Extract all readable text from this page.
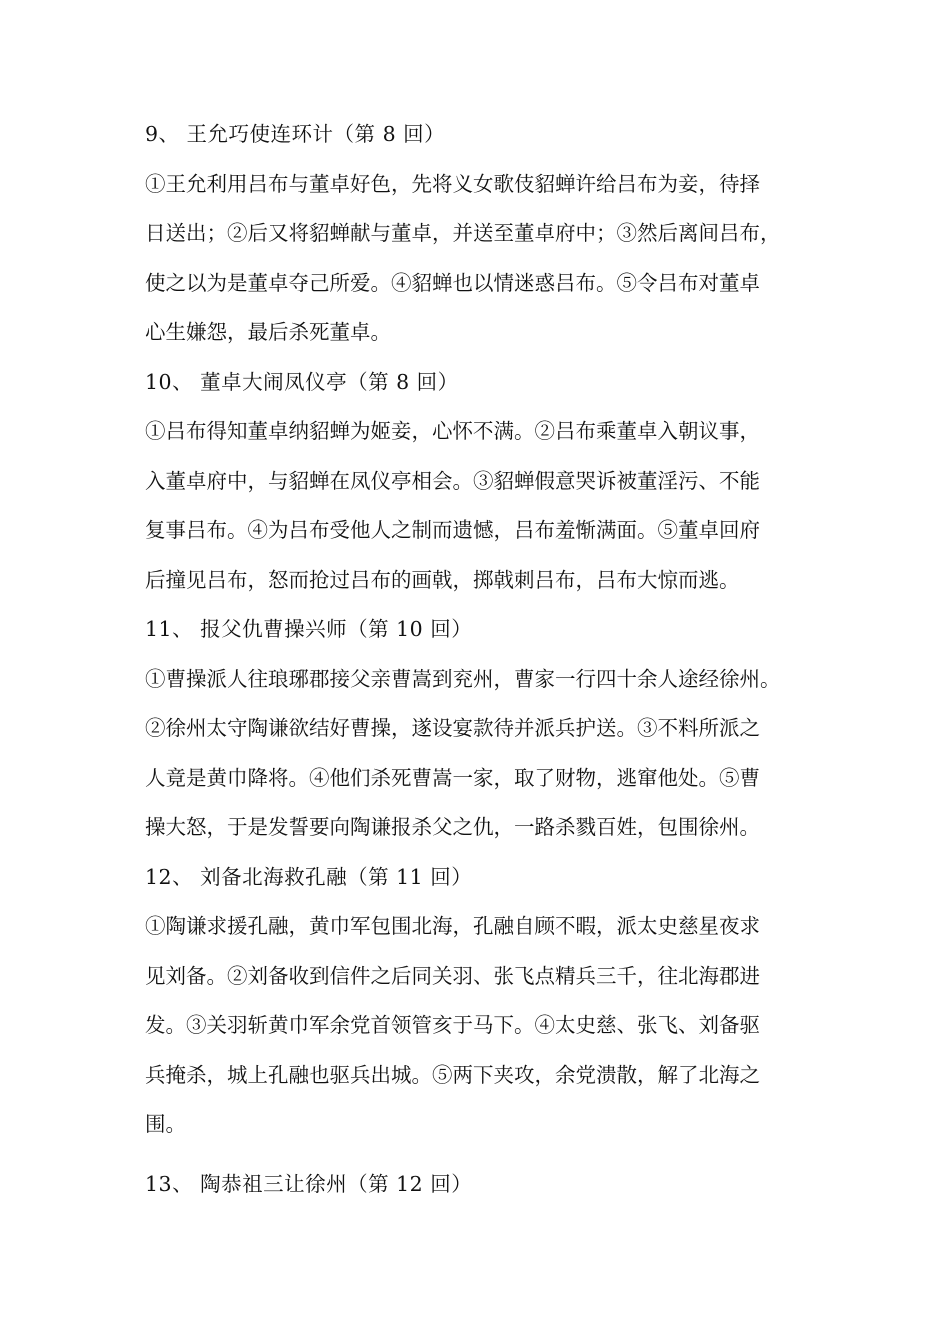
9、 王允巧使连环计（第 8 回）
①王允利用吕布与董卓好色，先将义女歌伎貂蝉许给吕布为妾，待择
日送出；②后又将貂蝉献与董卓，并送至董卓府中；③然后离间吕布，
使之以为是董卓夺己所爱。④貂蝉也以情迷惑吕布。⑤令吕布对董卓
心生嫌怨，最后杀死董卓。
10、 董卓大闹凤仪亭（第 8 回）
①吕布得知董卓纳貂蝉为姬妾，心怀不满。②吕布乘董卓入朝议事，
入董卓府中，与貂蝉在凤仪亭相会。③貂蝉假意哭诉被董淫污、不能
复事吕布。④为吕布受他人之制而遗憾，吕布羞惭满面。⑤董卓回府
后撞见吕布，怒而抢过吕布的画戟，掷戟刺吕布，吕布大惊而逃。
11、 报父仇曹操兴师（第 10 回）
①曹操派人往琅琊郡接父亲曹嵩到兖州，曹家一行四十余人途经徐州。
②徐州太守陶谦欲结好曹操，遂设宴款待并派兵护送。③不料所派之
人竟是黄巾降将。④他们杀死曹嵩一家，取了财物，逃窜他处。⑤曹
操大怒，于是发誓要向陶谦报杀父之仇，一路杀戮百姓，包围徐州。
12、 刘备北海救孔融（第 11 回）
①陶谦求援孔融，黄巾军包围北海，孔融自顾不暇，派太史慈星夜求
见刘备。②刘备收到信件之后同关羽、张飞点精兵三千，往北海郡进
发。③关羽斩黄巾军余党首领管亥于马下。④太史慈、张飞、刘备驱
兵掩杀，城上孔融也驱兵出城。⑤两下夹攻，余党溃散，解了北海之
围。
13、 陶恭祖三让徐州（第 12 回）
